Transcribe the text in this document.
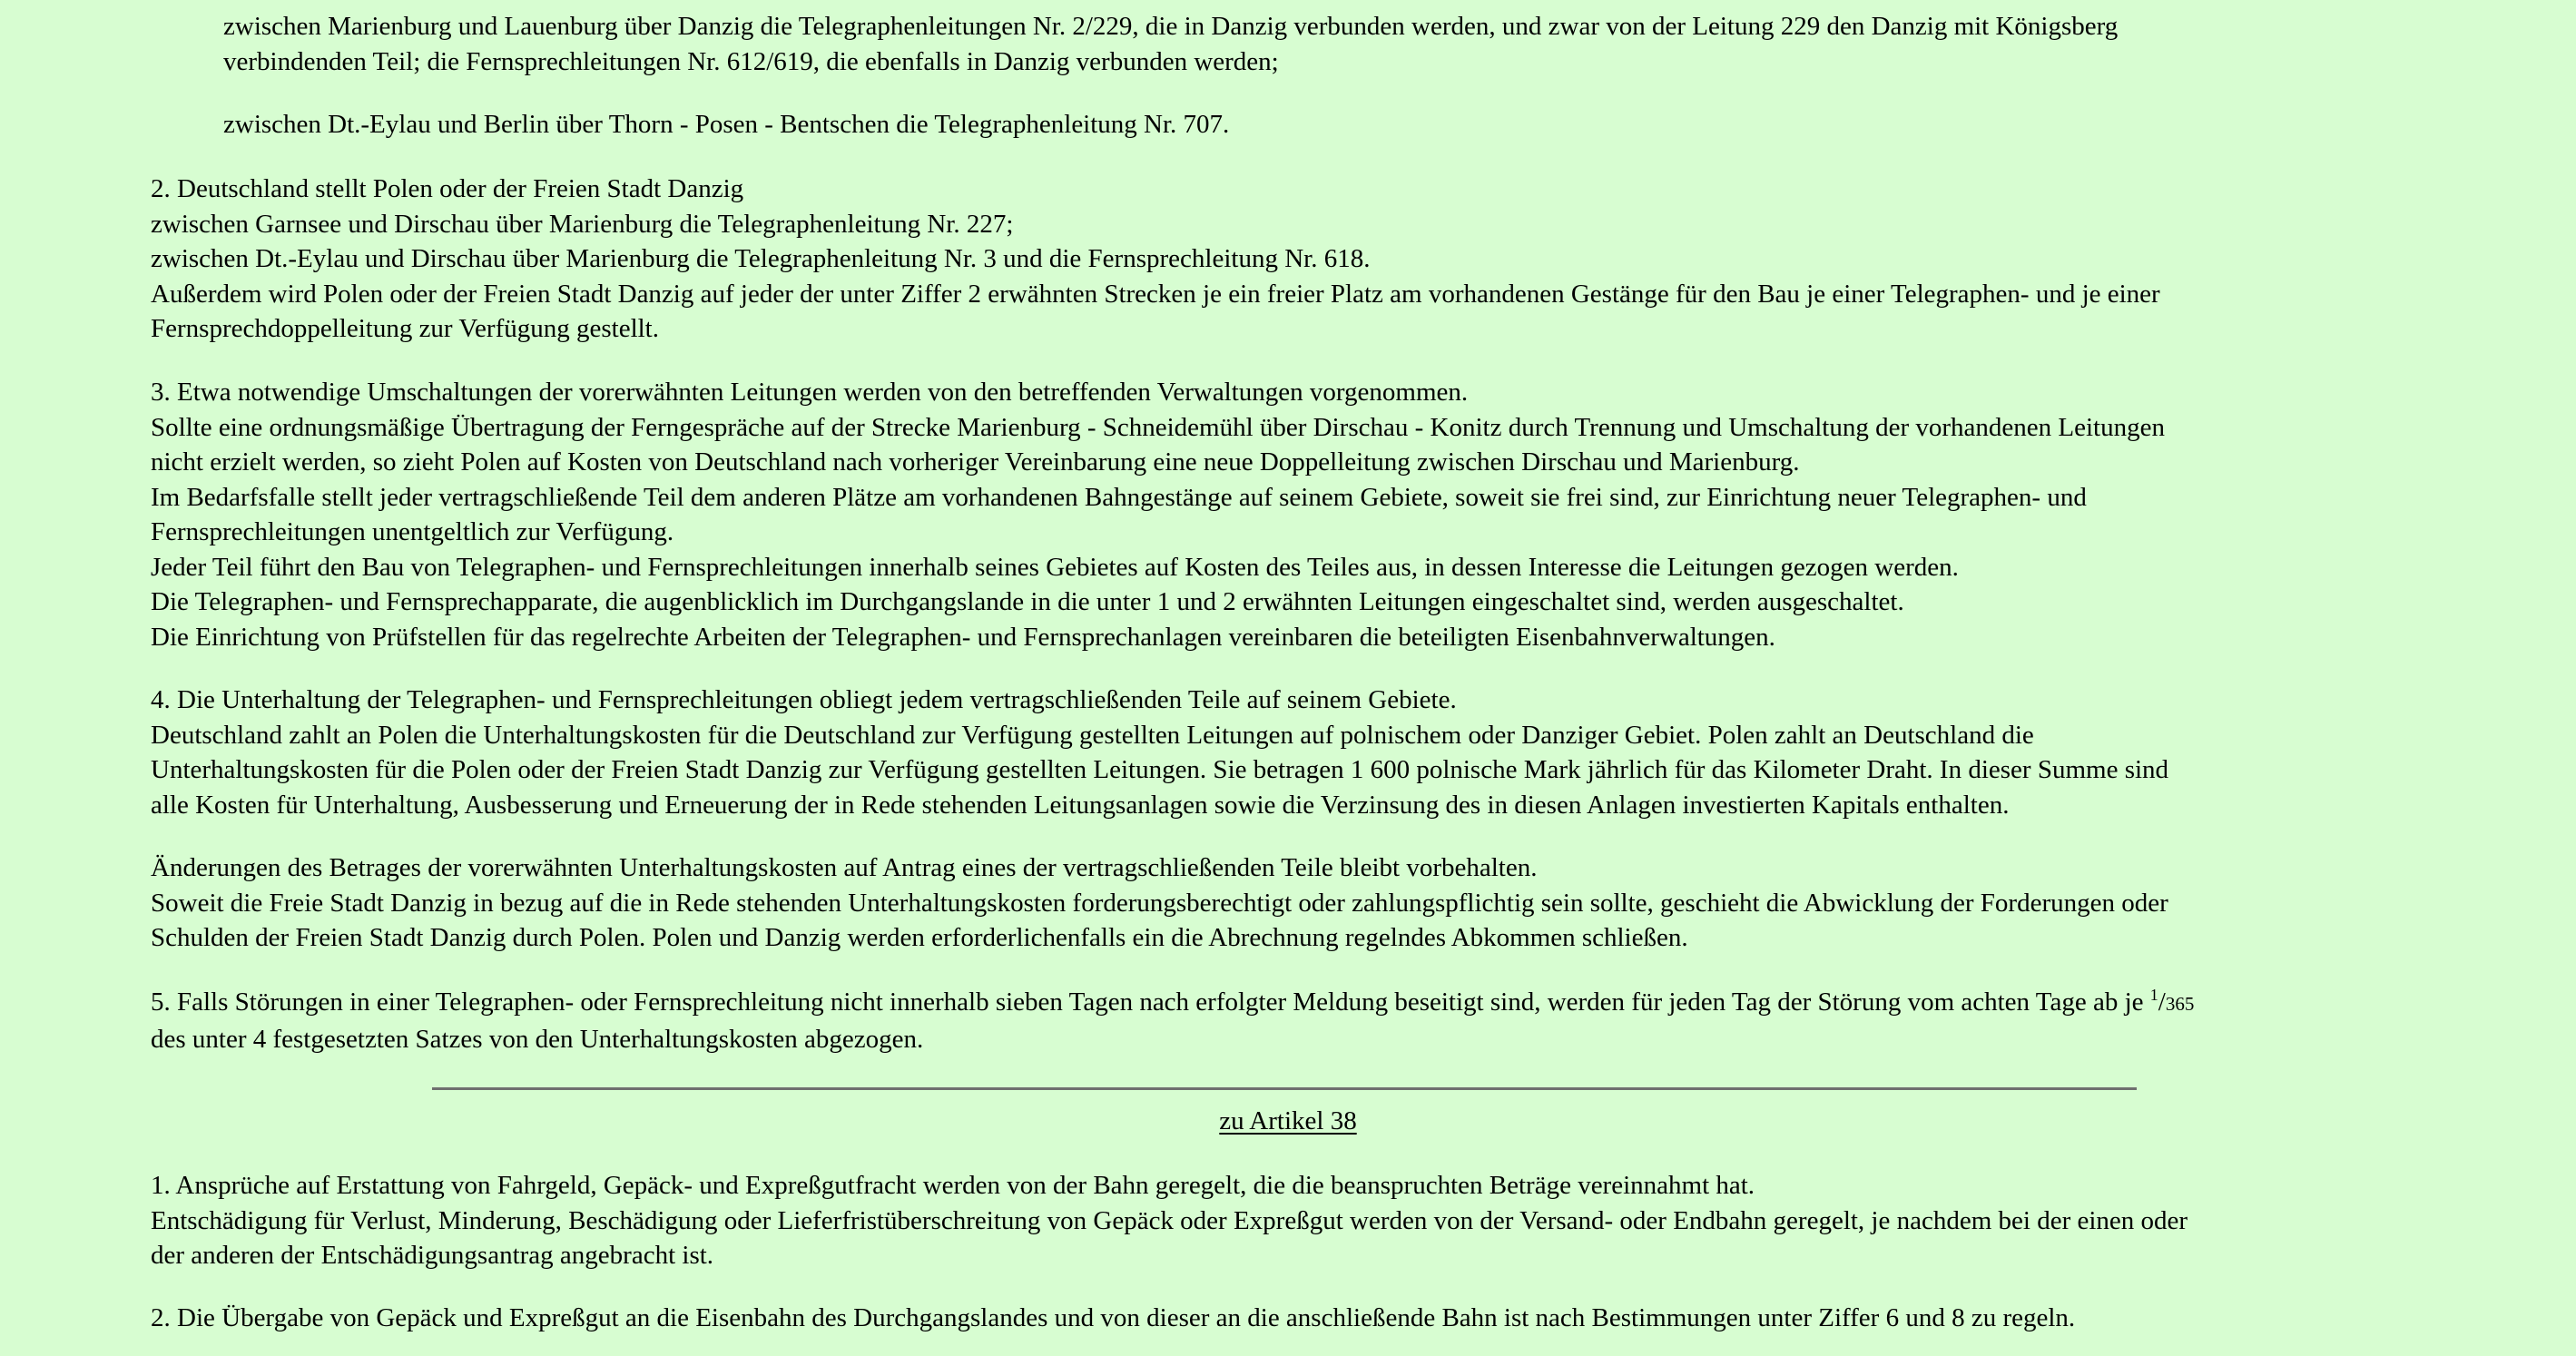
zwischen Marienburg und Lauenburg über Danzig die Telegraphenleitungen Nr. 2/229, die in Danzig verbunden werden, und zwar von der Leitung 229 den Danzig mit Königsberg
verbindenden Teil; die Fernsprechleitungen Nr. 612/619, die ebenfalls in Danzig verbunden werden;
zwischen Dt.-Eylau und Berlin über Thorn - Posen - Bentschen die Telegraphenleitung Nr. 707.
2. Deutschland stellt Polen oder der Freien Stadt Danzig
zwischen Garnsee und Dirschau über Marienburg die Telegraphenleitung Nr. 227;
zwischen Dt.-Eylau und Dirschau über Marienburg die Telegraphenleitung Nr. 3 und die Fernsprechleitung Nr. 618.
Außerdem wird Polen oder der Freien Stadt Danzig auf jeder der unter Ziffer 2 erwähnten Strecken je ein freier Platz am vorhandenen Gestänge für den Bau je einer Telegraphen- und je einer
Fernsprechdoppelleitung zur Verfügung gestellt.
3. Etwa notwendige Umschaltungen der vorerwähnten Leitungen werden von den betreffenden Verwaltungen vorgenommen.
Sollte eine ordnungsmäßige Übertragung der Ferngespräche auf der Strecke Marienburg - Schneidemühl über Dirschau - Konitz durch Trennung und Umschaltung der vorhandenen Leitungen
nicht erzielt werden, so zieht Polen auf Kosten von Deutschland nach vorheriger Vereinbarung eine neue Doppelleitung zwischen Dirschau und Marienburg.
Im Bedarfsfalle stellt jeder vertragschließende Teil dem anderen Plätze am vorhandenen Bahngestänge auf seinem Gebiete, soweit sie frei sind, zur Einrichtung neuer Telegraphen- und
Fernsprechleitungen unentgeltlich zur Verfügung.
Jeder Teil führt den Bau von Telegraphen- und Fernsprechleitungen innerhalb seines Gebietes auf Kosten des Teiles aus, in dessen Interesse die Leitungen gezogen werden.
Die Telegraphen- und Fernsprechapparate, die augenblicklich im Durchgangslande in die unter 1 und 2 erwähnten Leitungen eingeschaltet sind, werden ausgeschaltet.
Die Einrichtung von Prüfstellen für das regelrechte Arbeiten der Telegraphen- und Fernsprechanlagen vereinbaren die beteiligten Eisenbahnverwaltungen.
4. Die Unterhaltung der Telegraphen- und Fernsprechleitungen obliegt jedem vertragschließenden Teile auf seinem Gebiete.
Deutschland zahlt an Polen die Unterhaltungskosten für die Deutschland zur Verfügung gestellten Leitungen auf polnischem oder Danziger Gebiet. Polen zahlt an Deutschland die
Unterhaltungskosten für die Polen oder der Freien Stadt Danzig zur Verfügung gestellten Leitungen. Sie betragen 1 600 polnische Mark jährlich für das Kilometer Draht. In dieser Summe sind
alle Kosten für Unterhaltung, Ausbesserung und Erneuerung der in Rede stehenden Leitungsanlagen sowie die Verzinsung des in diesen Anlagen investierten Kapitals enthalten.
Änderungen des Betrages der vorerwähnten Unterhaltungskosten auf Antrag eines der vertragschließenden Teile bleibt vorbehalten.
Soweit die Freie Stadt Danzig in bezug auf die in Rede stehenden Unterhaltungskosten forderungsberechtigt oder zahlungspflichtig sein sollte, geschieht die Abwicklung der Forderungen oder
Schulden der Freien Stadt Danzig durch Polen. Polen und Danzig werden erforderlichenfalls ein die Abrechnung regelndes Abkommen schließen.
5. Falls Störungen in einer Telegraphen- oder Fernsprechleitung nicht innerhalb sieben Tagen nach erfolgter Meldung beseitigt sind, werden für jeden Tag der Störung vom achten Tage ab je $^1$/365
des unter 4 festgesetzten Satzes von den Unterhaltungskosten abgezogen.

zu Artikel 38

1. Ansprüche auf Erstattung von Fahrgeld, Gepäck- und Expreßgutfracht werden von der Bahn geregelt, die die beanspruchten Beträge vereinnahmt hat.
Entschädigung für Verlust, Minderung, Beschädigung oder Lieferfristüberschreitung von Gepäck oder Expreßgut werden von der Versand- oder Endbahn geregelt, je nachdem bei der einen oder
der anderen der Entschädigungsantrag angebracht ist.
2. Die Übergabe von Gepäck und Expreßgut an die Eisenbahn des Durchgangslandes und von dieser an die anschließende Bahn ist nach Bestimmungen unter Ziffer 6 und 8 zu regeln.
